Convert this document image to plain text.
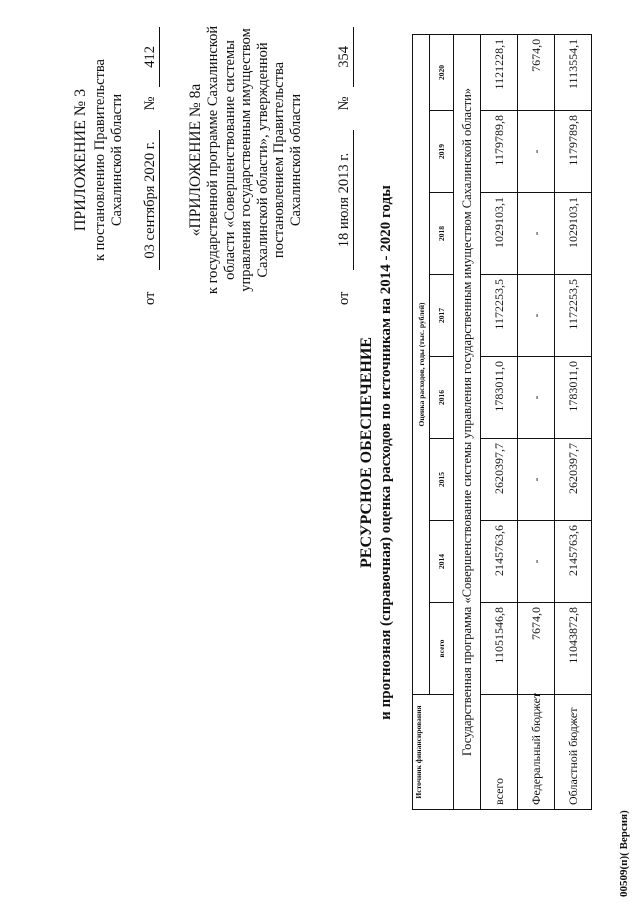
ПРИЛОЖЕНИЕ № 3 к постановлению Правительства Сахалинской области
от 03 сентября 2020 г. № 412
«ПРИЛОЖЕНИЕ № 8а к государственной программе Сахалинской области «Совершенствование системы управления государственным имуществом Сахалинской области», утвержденной постановлением Правительства Сахалинской области
от 18 июля 2013 г. № 354
РЕСУРСНОЕ ОБЕСПЕЧЕНИЕ и прогнозная (справочная) оценка расходов по источникам на 2014 - 2020 годы
Источник финансирования	Оценка расходов, годы (тыс. рублей)							
	всего	2014	2015	2016	2017	2018	2019	2020
Государственная программа «Совершенствование системы управления государственным имуществом Сахалинской области»								
всего	11051546,8	2145763,6	2620397,7	1783011,0	1172253,5	1029103,1	1179789,8	1121228,1
Федеральный бюджет	7674,0	-	-	-	-	-	-	7674,0
Областной бюджет	11043872,8	2145763,6	2620397,7	1783011,0	1172253,5	1029103,1	1179789,8	1113554,1
00509(п)( Версия)
